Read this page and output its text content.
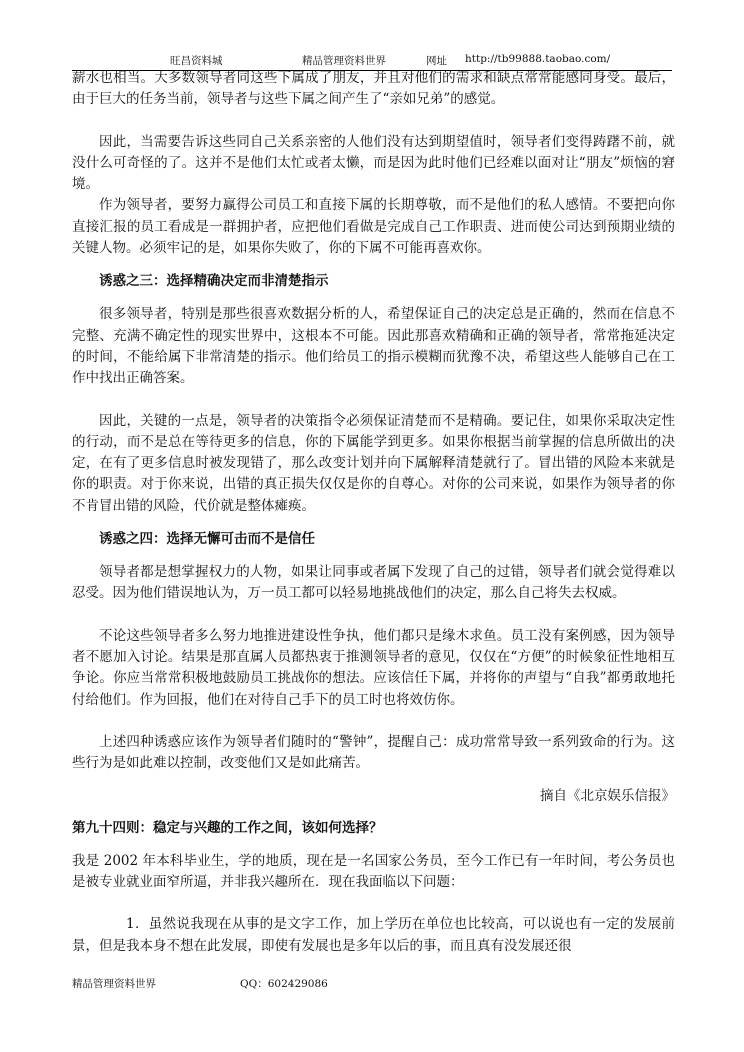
旺昌资料城	精品管理资料世界	网址 http://tb99888.taobao.com/

薪水也相当。大多数领导者同这些下属成了朋友，并且对他们的需求和缺点常常能感同身受。最后，由于巨大的任务当前，领导者与这些下属之间产生了“亲如兄弟”的感觉。

因此，当需要告诉这些同自己关系亲密的人他们没有达到期望值时，领导者们变得踌躇不前，就没什么可奇怪的了。这并不是他们太忙或者太懒，而是因为此时他们已经难以面对让“朋友”烦恼的窘境。

作为领导者，要努力赢得公司员工和直接下属的长期尊敬，而不是他们的私人感情。不要把向你直接汇报的员工看成是一群拥护者，应把他们看做是完成自己工作职责、进而使公司达到预期业绩的关键人物。必须牢记的是，如果你失败了，你的下属不可能再喜欢你。

诱惑之三：选择精确决定而非清楚指示

很多领导者，特别是那些很喜欢数据分析的人，希望保证自己的决定总是正确的，然而在信息不完整、充满不确定性的现实世界中，这根本不可能。因此那喜欢精确和正确的领导者，常常拖延决定的时间，不能给属下非常清楚的指示。他们给员工的指示模糊而犹豫不决，希望这些人能够自己在工作中找出正确答案。

因此，关键的一点是，领导者的决策指令必须保证清楚而不是精确。要记住，如果你采取决定性的行动，而不是总在等待更多的信息，你的下属能学到更多。如果你根据当前掌握的信息所做出的决定，在有了更多信息时被发现错了，那么改变计划并向下属解释清楚就行了。冒出错的风险本来就是你的职责。对于你来说，出错的真正损失仅仅是你的自尊心。对你的公司来说，如果作为领导者的你不肯冒出错的风险，代价就是整体瘫痪。

诱惑之四：选择无懈可击而不是信任

领导者都是想掌握权力的人物，如果让同事或者属下发现了自己的过错，领导者们就会觉得难以忍受。因为他们错误地认为，万一员工都可以轻易地挑战他们的决定，那么自己将失去权威。

不论这些领导者多么努力地推进建设性争执，他们都只是缘木求鱼。员工没有案例感，因为领导者不愿加入讨论。结果是那直属人员都热衷于推测领导者的意见，仅仅在“方便”的时候象征性地相互争论。你应当常常积极地鼓励员工挑战你的想法。应该信任下属，并将你的声望与“自我”都勇敢地托付给他们。作为回报，他们在对待自己手下的员工时也将效仿你。

上述四种诱惑应该作为领导者们随时的“警钟”，提醒自己：成功常常导致一系列致命的行为。这些行为是如此难以控制，改变他们又是如此痛苦。

摘自《北京娱乐信报》

第九十四则：稳定与兴趣的工作之间，该如何选择？

我是 2002 年本科毕业生，学的地质，现在是一名国家公务员，至今工作已有一年时间，考公务员也是被专业就业面窄所逼，并非我兴趣所在．现在我面临以下问题：

1．虽然说我现在从事的是文字工作，加上学历在单位也比较高，可以说也有一定的发展前景，但是我本身不想在此发展，即使有发展也是多年以后的事，而且真有没发展还很

精品管理资料世界	QQ：602429086
